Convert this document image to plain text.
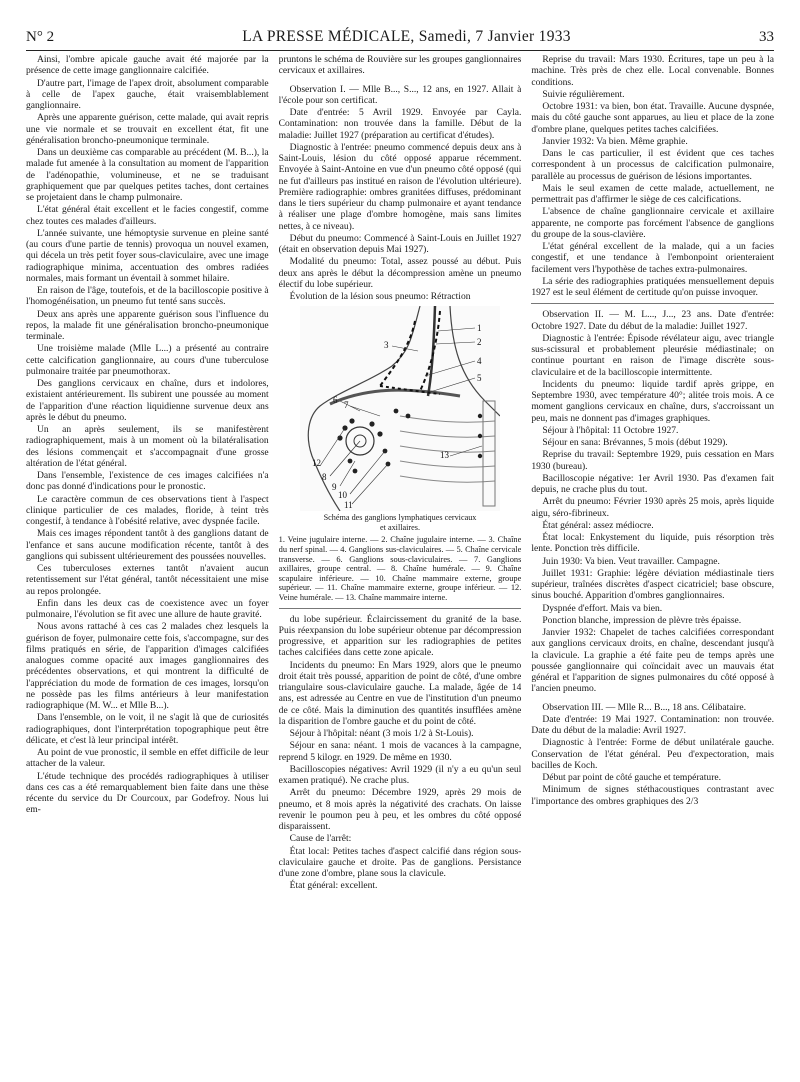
N° 2	LA PRESSE MÉDICALE, Samedi, 7 Janvier 1933	33

Ainsi, l'ombre apicale gauche avait été majorée par la présence de cette image ganglionnaire calcifiée.

D'autre part, l'image de l'apex droit, absolument comparable à celle de l'apex gauche, était vraisemblablement ganglionnaire.

Après une apparente guérison, cette malade, qui avait repris une vie normale et se trouvait en excellent état, fit une généralisation broncho-pneumonique terminale.

Dans un deuxième cas comparable au précédent (M. B...), la malade fut amenée à la consultation au moment de l'apparition de l'adénopathie, volumineuse, et ne se traduisant graphiquement que par quelques petites taches, dont certaines se projetaient dans le champ pulmonaire.

L'état général était excellent et le facies congestif, comme chez toutes ces malades d'ailleurs.

L'année suivante, une hémoptysie survenue en pleine santé (au cours d'une partie de tennis) provoqua un nouvel examen, qui décela un très petit foyer sous-claviculaire, avec une image radiographique minima, accentuation des ombres radiées normales, mais formant un éventail à sommet hilaire.

En raison de l'âge, toutefois, et de la bacilloscopie positive à l'homogénéisation, un pneumo fut tenté sans succès.

Deux ans après une apparente guérison sous l'influence du repos, la malade fit une généralisation broncho-pneumonique terminale.

Une troisième malade (Mlle L...) a présenté au contraire cette calcification ganglionnaire, au cours d'une tuberculose pulmonaire traitée par pneumothorax.

Des ganglions cervicaux en chaîne, durs et indolores, existaient antérieurement. Ils subirent une poussée au moment de l'apparition d'une réaction liquidienne survenue deux ans après le début du pneumo.

Un an après seulement, ils se manifestèrent radiographiquement, mais à un moment où la bilatéralisation des lésions commençait et s'accompagnait d'une grosse altération de l'état général.

Dans l'ensemble, l'existence de ces images calcifiées n'a donc pas donné d'indications pour le pronostic.

Le caractère commun de ces observations tient à l'aspect clinique particulier de ces malades, floride, à teint très congestif, à tendance à l'obésité relative, avec dyspnée facile.

Mais ces images répondent tantôt à des ganglions datant de l'enfance et sans aucune modification récente, tantôt à des ganglions qui subissent ultérieurement des poussées nouvelles.

Ces tuberculoses externes tantôt n'avaient aucun retentissement sur l'état général, tantôt nécessitaient une mise au repos prolongée.

Enfin dans les deux cas de coexistence avec un foyer pulmonaire, l'évolution se fit avec une allure de haute gravité.

Nous avons rattaché à ces cas 2 malades chez lesquels la guérison de foyer, pulmonaire cette fois, s'accompagne, sur des films pratiqués en série, de l'apparition d'images calcifiées analogues comme opacité aux images ganglionnaires des précédentes observations, et qui montrent la difficulté de l'appréciation du mode de formation de ces images, lorsqu'on ne possède pas les films antérieurs à leur manifestation radiographique (M. W... et Mlle B...).

Dans l'ensemble, on le voit, il ne s'agit là que de curiosités radiographiques, dont l'interprétation topographique peut être délicate, et c'est là leur principal intérêt.

Au point de vue pronostic, il semble en effet difficile de leur attacher de la valeur.

L'étude technique des procédés radiographiques à utiliser dans ces cas a été remarquablement bien faite dans une thèse récente du service du Dr Courcoux, par Godefroy. Nous lui em-

pruntons le schéma de Rouvière sur les groupes ganglionnaires cervicaux et axillaires.

Observation I. — Mlle B..., S..., 12 ans, en 1927. Allait à l'école pour son certificat.

Date d'entrée: 5 Avril 1929. Envoyée par Cayla. Contamination: non trouvée dans la famille. Début de la maladie: Juillet 1927 (préparation au certificat d'études).

Diagnostic à l'entrée: pneumo commencé depuis deux ans à Saint-Louis, lésion du côté opposé apparue récemment. Envoyée à Saint-Antoine en vue d'un pneumo côté opposé (qui ne fut d'ailleurs pas institué en raison de l'évolution ultérieure). Première radiographie: ombres granitées diffuses, prédominant dans le tiers supérieur du champ pulmonaire et ayant tendance à réaliser une plage d'ombre homogène, mais sans limites nettes, à ce niveau).

Début du pneumo: Commencé à Saint-Louis en Juillet 1927 (était en observation depuis Mai 1927).

Modalité du pneumo: Total, assez poussé au début. Puis deux ans après le début la décompression amène un pneumo électif du lobe supérieur.

Évolution de la lésion sous pneumo: Rétraction

1
2
3
4
5
6 7
8
9
10
11
12
13
Schéma des ganglions lymphatiques cervicaux
et axillaires.
1. Veine jugulaire interne. — 2. Chaîne jugulaire interne. — 3. Chaîne du nerf spinal. — 4. Ganglions sus-claviculaires. — 5. Chaîne cervicale transverse. — 6. Ganglions sous-claviculaires. — 7. Ganglions axillaires, groupe central. — 8. Chaîne humérale. — 9. Chaîne scapulaire inférieure. — 10. Chaîne mammaire externe, groupe supérieur. — 11. Chaîne mammaire externe, groupe inférieur. — 12. Veine humérale. — 13. Chaîne mammaire interne.

du lobe supérieur. Éclaircissement du granité de la base. Puis réexpansion du lobe supérieur obtenue par décompression progressive, et apparition sur les radiographies de petites taches calcifiées dans cette zone apicale.

Incidents du pneumo: En Mars 1929, alors que le pneumo droit était très poussé, apparition de point de côté, d'une ombre triangulaire sous-claviculaire gauche. La malade, âgée de 14 ans, est adressée au Centre en vue de l'institution d'un pneumo de ce côté. Mais la diminution des quantités insufflées amène la disparition de l'ombre gauche et du point de côté.

Séjour à l'hôpital: néant (3 mois 1/2 à St-Louis).

Séjour en sana: néant. 1 mois de vacances à la campagne, reprend 5 kilogr. en 1929. De même en 1930.

Bacilloscopies négatives: Avril 1929 (il n'y a eu qu'un seul examen pratiqué). Ne crache plus.

Arrêt du pneumo: Décembre 1929, après 29 mois de pneumo, et 8 mois après la négativité des crachats. On laisse revenir le poumon peu à peu, et les ombres du côté opposé disparaissent.

Cause de l'arrêt:

État local: Petites taches d'aspect calcifié dans région sous-claviculaire gauche et droite. Pas de ganglions. Persistance d'une zone d'ombre, plane sous la clavicule.

État général: excellent.

Reprise du travail: Mars 1930. Écritures, tape un peu à la machine. Très près de chez elle. Local convenable. Bonnes conditions.

Suivie régulièrement.

Octobre 1931: va bien, bon état. Travaille. Aucune dyspnée, mais du côté gauche sont apparues, au lieu et place de la zone d'ombre plane, quelques petites taches calcifiées.

Janvier 1932: Va bien. Même graphie.

Dans le cas particulier, il est évident que ces taches correspondent à un processus de calcification pulmonaire, parallèle au processus de guérison de lésions importantes.

Mais le seul examen de cette malade, actuellement, ne permettrait pas d'affirmer le siège de ces calcifications.

L'absence de chaîne ganglionnaire cervicale et axillaire apparente, ne comporte pas forcément l'absence de ganglions du groupe de la sous-clavière.

L'état général excellent de la malade, qui a un facies congestif, et une tendance à l'embonpoint orienteraient facilement vers l'hypothèse de taches extra-pulmonaires.

La série des radiographies pratiquées mensuellement depuis 1927 est le seul élément de certitude qu'on puisse invoquer.

Observation II. — M. L..., J..., 23 ans. Date d'entrée: Octobre 1927. Date du début de la maladie: Juillet 1927.

Diagnostic à l'entrée: Épisode révélateur aigu, avec triangle sus-scissural et probablement pleurésie médiastinale; on continue pourtant en raison de l'image discrète sous-claviculaire et de la bacilloscopie intermittente.

Incidents du pneumo: liquide tardif après grippe, en Septembre 1930, avec température 40°; alitée trois mois. A ce moment ganglions cervicaux en chaîne, durs, s'accroissant un peu, mais ne donnent pas d'images graphiques.

Séjour à l'hôpital: 11 Octobre 1927.

Séjour en sana: Brévannes, 5 mois (début 1929).

Reprise du travail: Septembre 1929, puis cessation en Mars 1930 (bureau).

Bacilloscopie négative: 1er Avril 1930. Pas d'examen fait depuis, ne crache plus du tout.

Arrêt du pneumo: Février 1930 après 25 mois, après liquide aigu, séro-fibrineux.

État général: assez médiocre.

État local: Enkystement du liquide, puis résorption très lente. Ponction très difficile.

Juin 1930: Va bien. Veut travailler. Campagne.

Juillet 1931: Graphie: légère déviation médiastinale tiers supérieur, traînées discrètes d'aspect cicatriciel; base obscure, sinus bouché. Apparition d'ombres ganglionnaires.

Dyspnée d'effort. Mais va bien.

Ponction blanche, impression de plèvre très épaisse.

Janvier 1932: Chapelet de taches calcifiées correspondant aux ganglions cervicaux droits, en chaîne, descendant jusqu'à la clavicule. La graphie a été faite peu de temps après une poussée ganglionnaire qui coïncidait avec un mauvais état général et l'apparition de signes pulmonaires du côté opposé à l'ancien pneumo.

Observation III. — Mlle R... B..., 18 ans. Célibataire.

Date d'entrée: 19 Mai 1927. Contamination: non trouvée. Date du début de la maladie: Avril 1927.

Diagnostic à l'entrée: Forme de début unilatérale gauche. Conservation de l'état général. Peu d'expectoration, mais bacilles de Koch.

Début par point de côté gauche et température.

Minimum de signes stéthacoustiques contrastant avec l'importance des ombres graphiques des 2/3
